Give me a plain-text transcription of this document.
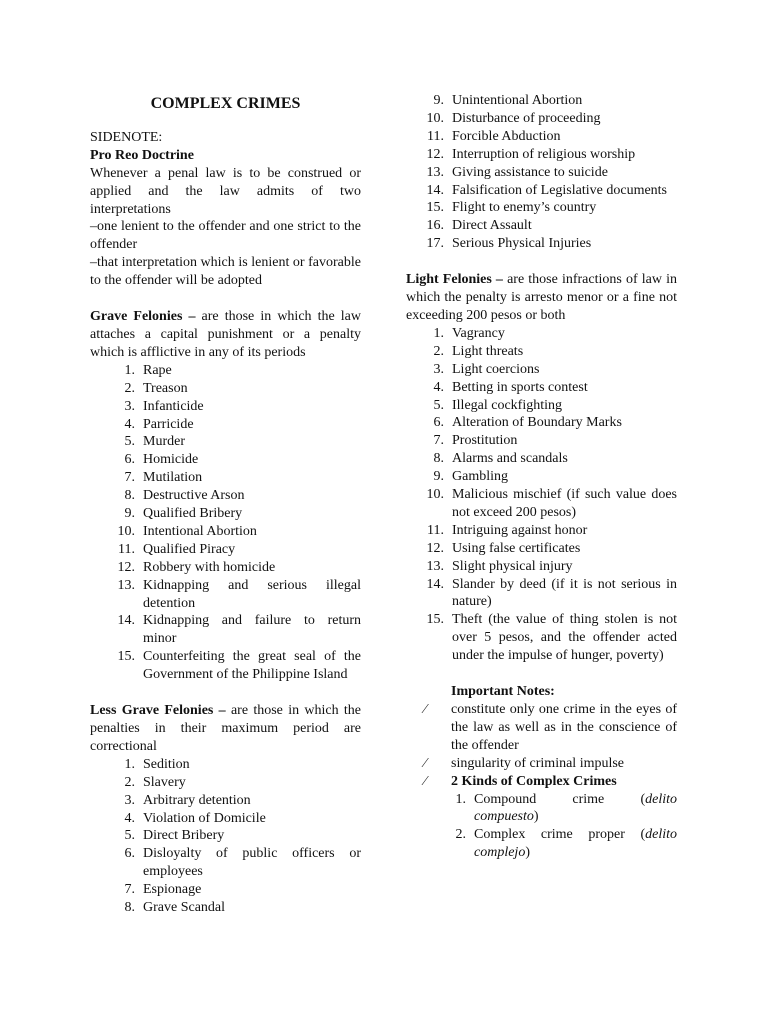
COMPLEX CRIMES

SIDENOTE:

Pro Reo Doctrine

Whenever a penal law is to be construed or applied and the law admits of two interpretations

–one lenient to the offender and one strict to the offender

–that interpretation which is lenient or favorable to the offender will be adopted

Grave Felonies – are those in which the law attaches a capital punishment or a penalty which is afflictive in any of its periods

1. Rape
2. Treason
3. Infanticide
4. Parricide
5. Murder
6. Homicide
7. Mutilation
8. Destructive Arson
9. Qualified Bribery
10. Intentional Abortion
11. Qualified Piracy
12. Robbery with homicide
13. Kidnapping and serious illegal detention
14. Kidnapping and failure to return minor
15. Counterfeiting the great seal of the Government of the Philippine Island

Less Grave Felonies – are those in which the penalties in their maximum period are correctional

1. Sedition
2. Slavery
3. Arbitrary detention
4. Violation of Domicile
5. Direct Bribery
6. Disloyalty of public officers or employees
7. Espionage
8. Grave Scandal
9. Unintentional Abortion
10. Disturbance of proceeding
11. Forcible Abduction
12. Interruption of religious worship
13. Giving assistance to suicide
14. Falsification of Legislative documents
15. Flight to enemy’s country
16. Direct Assault
17. Serious Physical Injuries

Light Felonies – are those infractions of law in which the penalty is arresto menor or a fine not exceeding 200 pesos or both

1. Vagrancy
2. Light threats
3. Light coercions
4. Betting in sports contest
5. Illegal cockfighting
6. Alteration of Boundary Marks
7. Prostitution
8. Alarms and scandals
9. Gambling
10. Malicious mischief (if such value does not exceed 200 pesos)
11. Intriguing against honor
12. Using false certificates
13. Slight physical injury
14. Slander by deed (if it is not serious in nature)
15. Theft (the value of thing stolen is not over 5 pesos, and the offender acted under the impulse of hunger, poverty)

Important Notes:

⁄	constitute only one crime in the eyes of the law as well as in the conscience of the offender
⁄	singularity of criminal impulse
⁄	2 Kinds of Complex Crimes
1. Compound crime (delito compuesto)
2. Complex crime proper (delito complejo)
